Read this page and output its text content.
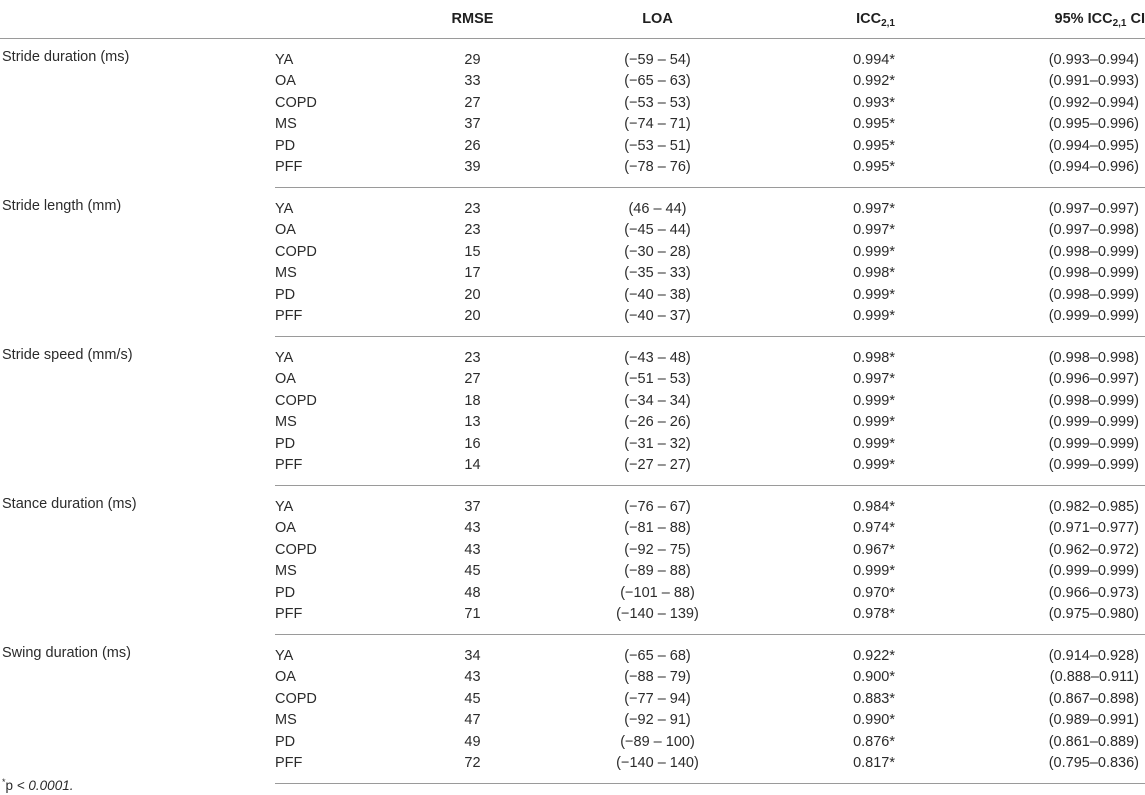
		RMSE	LOA	$ICC_{2,1}$	95% $ICC_{2,1}$ CI
Stride duration (ms)	YA	29	(−59 – 54)	0.994*	(0.993–0.994)
	OA	33	(−65 – 63)	0.992*	(0.991–0.993)
	COPD	27	(−53 – 53)	0.993*	(0.992–0.994)
	MS	37	(−74 – 71)	0.995*	(0.995–0.996)
	PD	26	(−53 – 51)	0.995*	(0.994–0.995)
	PFF	39	(−78 – 76)	0.995*	(0.994–0.996)
Stride length (mm)	YA	23	(46 – 44)	0.997*	(0.997–0.997)
	OA	23	(−45 – 44)	0.997*	(0.997–0.998)
	COPD	15	(−30 – 28)	0.999*	(0.998–0.999)
	MS	17	(−35 – 33)	0.998*	(0.998–0.999)
	PD	20	(−40 – 38)	0.999*	(0.998–0.999)
	PFF	20	(−40 – 37)	0.999*	(0.999–0.999)
Stride speed (mm/s)	YA	23	(−43 – 48)	0.998*	(0.998–0.998)
	OA	27	(−51 – 53)	0.997*	(0.996–0.997)
	COPD	18	(−34 – 34)	0.999*	(0.998–0.999)
	MS	13	(−26 – 26)	0.999*	(0.999–0.999)
	PD	16	(−31 – 32)	0.999*	(0.999–0.999)
	PFF	14	(−27 – 27)	0.999*	(0.999–0.999)
Stance duration (ms)	YA	37	(−76 – 67)	0.984*	(0.982–0.985)
	OA	43	(−81 – 88)	0.974*	(0.971–0.977)
	COPD	43	(−92 – 75)	0.967*	(0.962–0.972)
	MS	45	(−89 – 88)	0.999*	(0.999–0.999)
	PD	48	(−101 – 88)	0.970*	(0.966–0.973)
	PFF	71	(−140 – 139)	0.978*	(0.975–0.980)
Swing duration (ms)	YA	34	(−65 – 68)	0.922*	(0.914–0.928)
	OA	43	(−88 – 79)	0.900*	(0.888–0.911)
	COPD	45	(−77 – 94)	0.883*	(0.867–0.898)
	MS	47	(−92 – 91)	0.990*	(0.989–0.991)
	PD	49	(−89 – 100)	0.876*	(0.861–0.889)
	PFF	72	(−140 – 140)	0.817*	(0.795–0.836)
*p < 0.0001.
